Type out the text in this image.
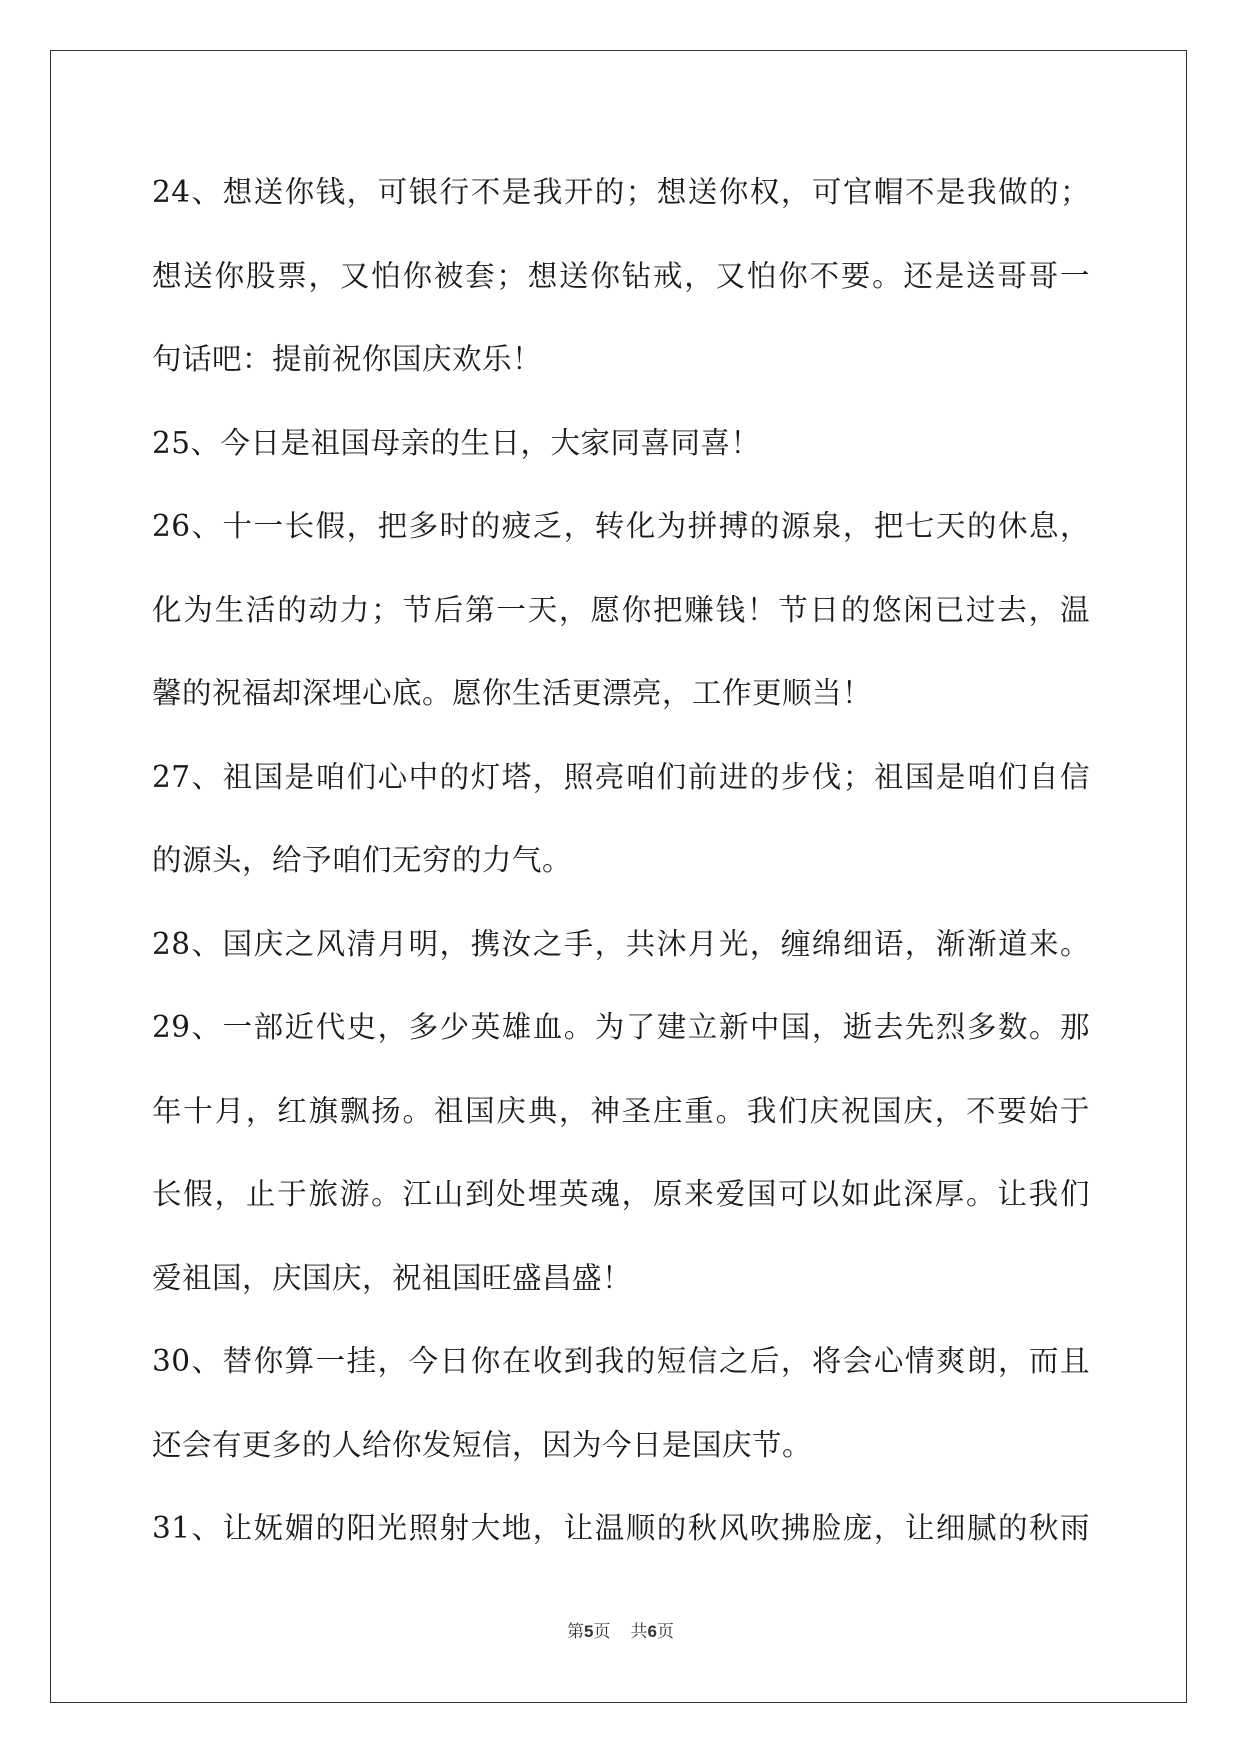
24、想送你钱，可银行不是我开的；想送你权，可官帽不是我做的；
想送你股票，又怕你被套；想送你钻戒，又怕你不要。还是送哥哥一
句话吧：提前祝你国庆欢乐！
25、今日是祖国母亲的生日，大家同喜同喜！
26、十一长假，把多时的疲乏，转化为拼搏的源泉，把七天的休息，
化为生活的动力；节后第一天，愿你把赚钱！节日的悠闲已过去，温
馨的祝福却深埋心底。愿你生活更漂亮，工作更顺当！
27、祖国是咱们心中的灯塔，照亮咱们前进的步伐；祖国是咱们自信
的源头，给予咱们无穷的力气。
28、国庆之风清月明，携汝之手，共沐月光，缠绵细语，渐渐道来。
29、一部近代史，多少英雄血。为了建立新中国，逝去先烈多数。那
年十月，红旗飘扬。祖国庆典，神圣庄重。我们庆祝国庆，不要始于
长假，止于旅游。江山到处埋英魂，原来爱国可以如此深厚。让我们
爱祖国，庆国庆，祝祖国旺盛昌盛！
30、替你算一挂，今日你在收到我的短信之后，将会心情爽朗，而且
还会有更多的人给你发短信，因为今日是国庆节。
31、让妩媚的阳光照射大地，让温顺的秋风吹拂脸庞，让细腻的秋雨
第5页 共6页
